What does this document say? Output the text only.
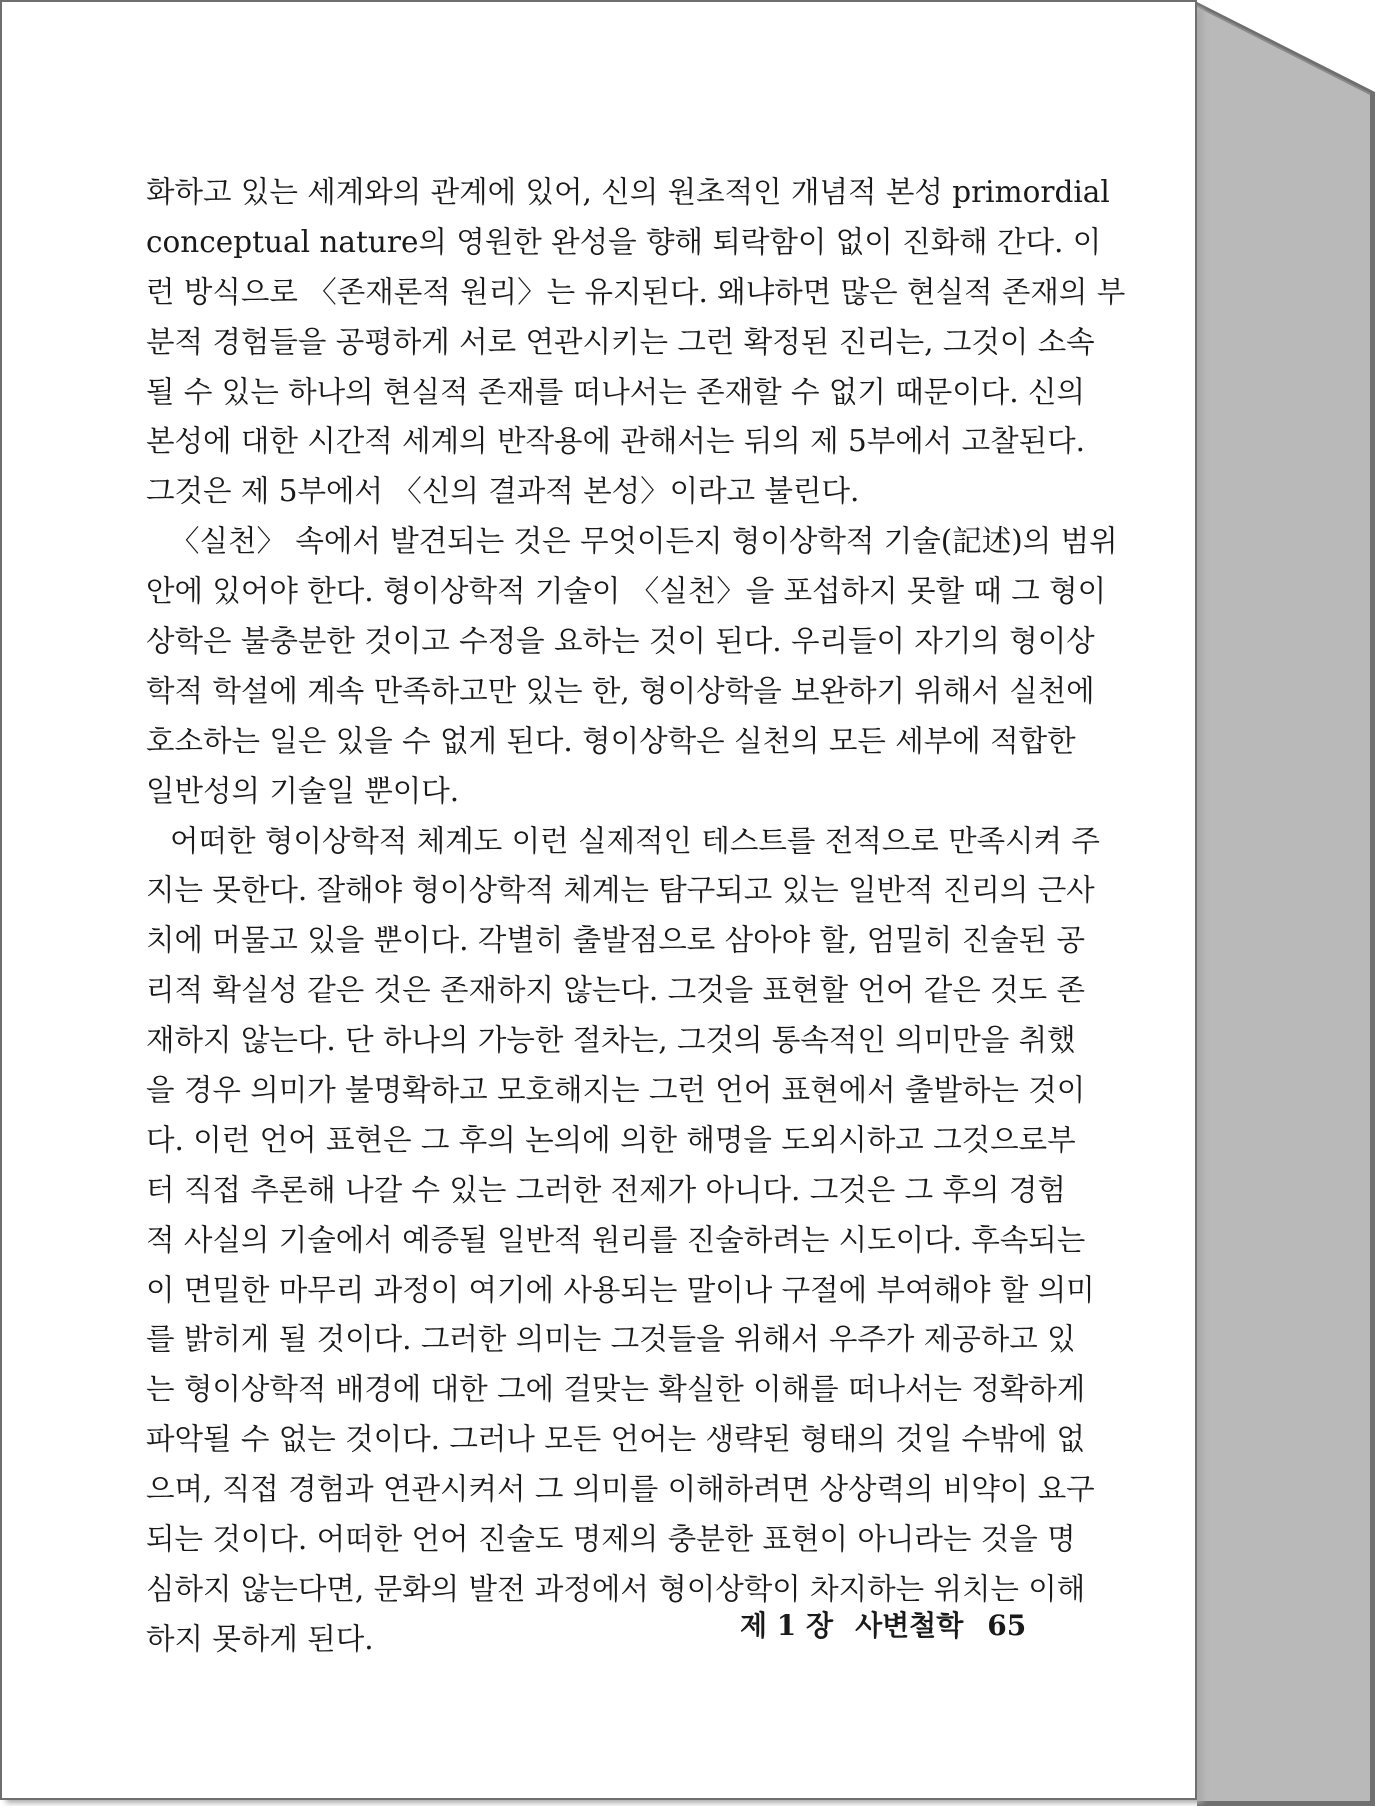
화하고 있는 세계와의 관계에 있어, 신의 원초적인 개념적 본성 primordial
conceptual nature의 영원한 완성을 향해 퇴락함이 없이 진화해 간다. 이
런 방식으로 〈존재론적 원리〉는 유지된다. 왜냐하면 많은 현실적 존재의 부
분적 경험들을 공평하게 서로 연관시키는 그런 확정된 진리는, 그것이 소속
될 수 있는 하나의 현실적 존재를 떠나서는 존재할 수 없기 때문이다. 신의
본성에 대한 시간적 세계의 반작용에 관해서는 뒤의 제 5부에서 고찰된다.
그것은 제 5부에서 〈신의 결과적 본성〉이라고 불린다.

〈실천〉 속에서 발견되는 것은 무엇이든지 형이상학적 기술(記述)의 범위
안에 있어야 한다. 형이상학적 기술이 〈실천〉을 포섭하지 못할 때 그 형이
상학은 불충분한 것이고 수정을 요하는 것이 된다. 우리들이 자기의 형이상
학적 학설에 계속 만족하고만 있는 한, 형이상학을 보완하기 위해서 실천에
호소하는 일은 있을 수 없게 된다. 형이상학은 실천의 모든 세부에 적합한
일반성의 기술일 뿐이다.

어떠한 형이상학적 체계도 이런 실제적인 테스트를 전적으로 만족시켜 주
지는 못한다. 잘해야 형이상학적 체계는 탐구되고 있는 일반적 진리의 근사
치에 머물고 있을 뿐이다. 각별히 출발점으로 삼아야 할, 엄밀히 진술된 공
리적 확실성 같은 것은 존재하지 않는다. 그것을 표현할 언어 같은 것도 존
재하지 않는다. 단 하나의 가능한 절차는, 그것의 통속적인 의미만을 취했
을 경우 의미가 불명확하고 모호해지는 그런 언어 표현에서 출발하는 것이
다. 이런 언어 표현은 그 후의 논의에 의한 해명을 도외시하고 그것으로부
터 직접 추론해 나갈 수 있는 그러한 전제가 아니다. 그것은 그 후의 경험
적 사실의 기술에서 예증될 일반적 원리를 진술하려는 시도이다. 후속되는
이 면밀한 마무리 과정이 여기에 사용되는 말이나 구절에 부여해야 할 의미
를 밝히게 될 것이다. 그러한 의미는 그것들을 위해서 우주가 제공하고 있
는 형이상학적 배경에 대한 그에 걸맞는 확실한 이해를 떠나서는 정확하게
파악될 수 없는 것이다. 그러나 모든 언어는 생략된 형태의 것일 수밖에 없
으며, 직접 경험과 연관시켜서 그 의미를 이해하려면 상상력의 비약이 요구
되는 것이다. 어떠한 언어 진술도 명제의 충분한 표현이 아니라는 것을 명
심하지 않는다면, 문화의 발전 과정에서 형이상학이 차지하는 위치는 이해
하지 못하게 된다.	제 1 장 사변철학 65
